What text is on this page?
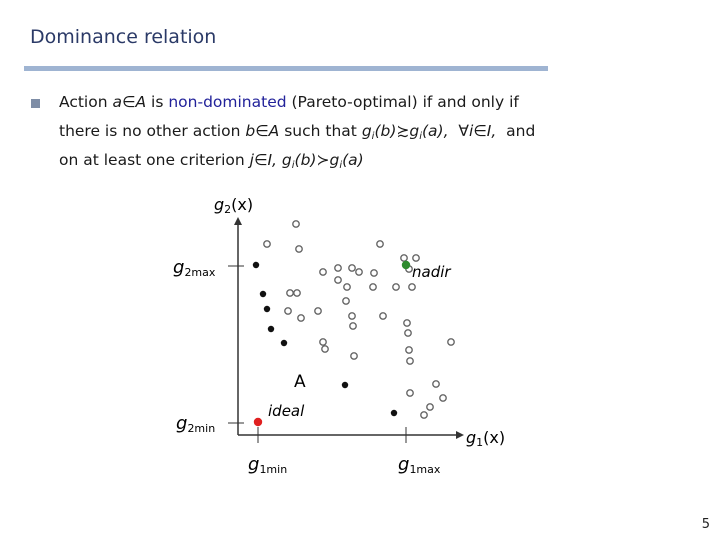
Dominance relation
Action a∈A is non-dominated (Pareto-optimal) if and only if
there is no other action b∈A such that $g_i(b)≿g_i(a)$,  ∀i∈I,  and
on at least one criterion j∈I, $g_i(b)≻g_i(a)$
g2(x)
g1(x)
g2max
g2min
g1min	g1max
nadir
ideal
A
5
